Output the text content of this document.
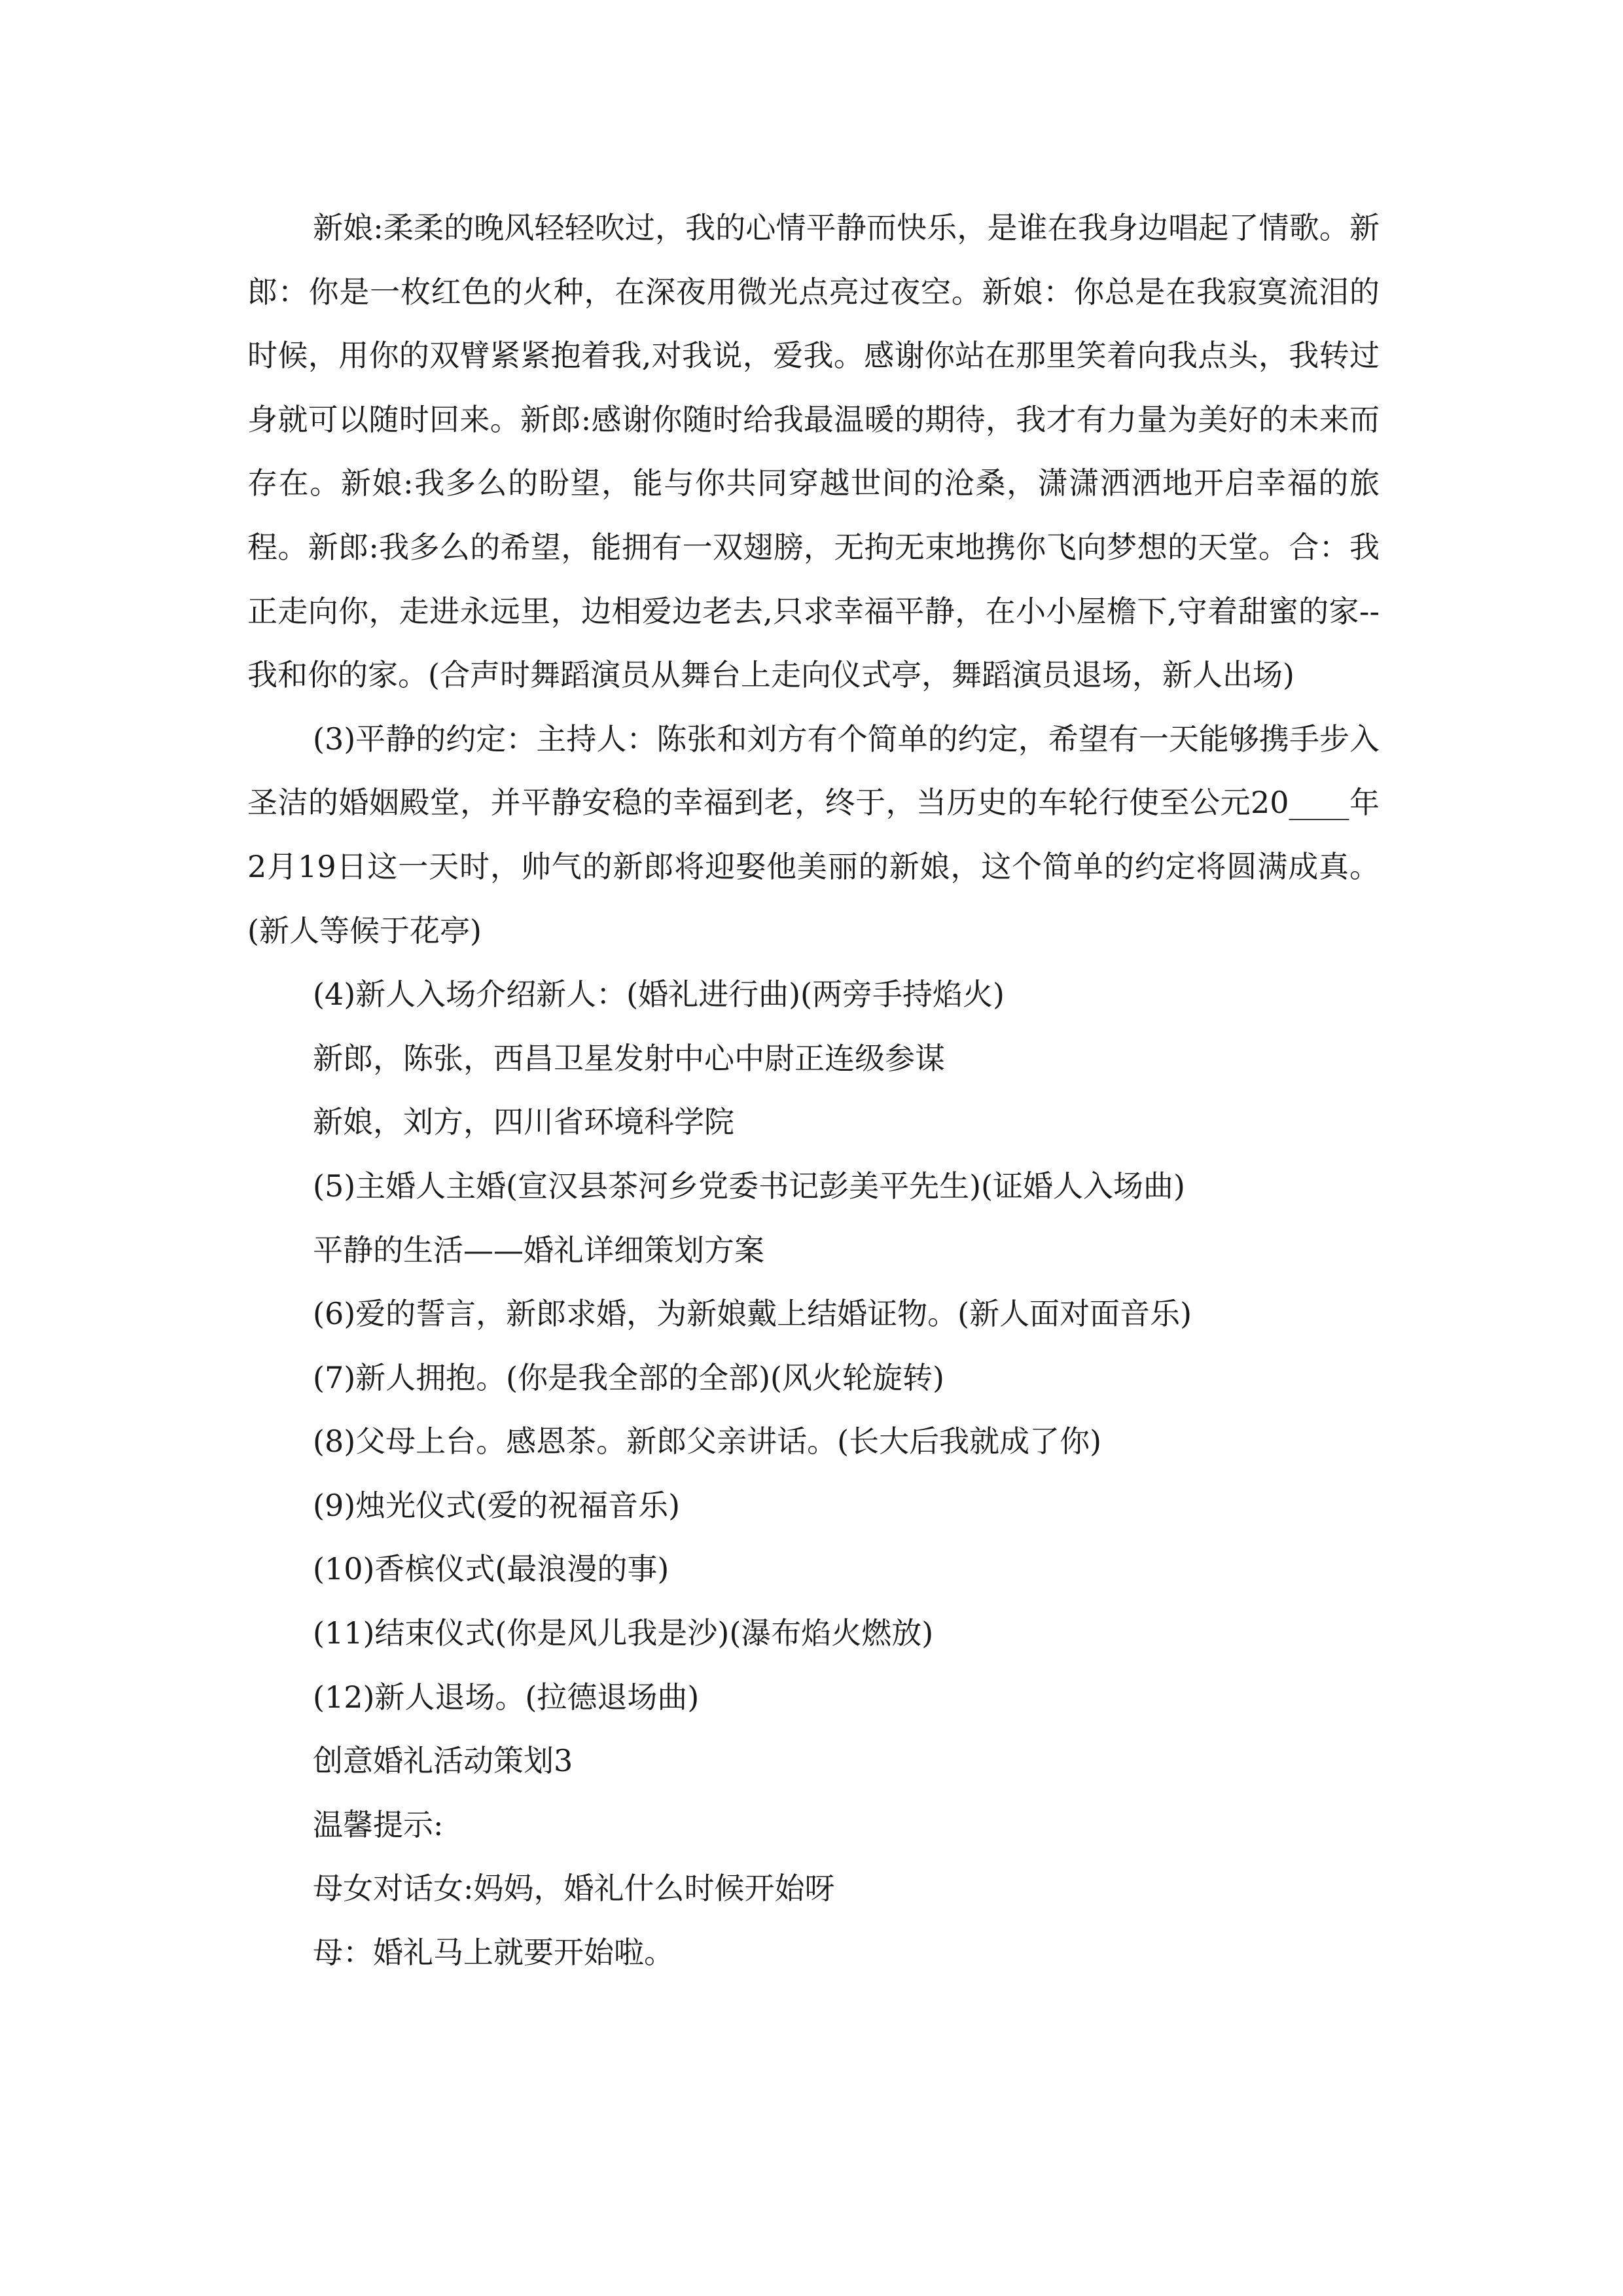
新娘:柔柔的晚风轻轻吹过，我的心情平静而快乐，是谁在我身边唱起了情歌。新郎：你是一枚红色的火种，在深夜用微光点亮过夜空。新娘：你总是在我寂寞流泪的时候，用你的双臂紧紧抱着我,对我说，爱我。感谢你站在那里笑着向我点头，我转过身就可以随时回来。新郎:感谢你随时给我最温暖的期待，我才有力量为美好的未来而存在。新娘:我多么的盼望，能与你共同穿越世间的沧桑，潇潇洒洒地开启幸福的旅程。新郎:我多么的希望，能拥有一双翅膀，无拘无束地携你飞向梦想的天堂。合：我正走向你，走进永远里，边相爱边老去,只求幸福平静，在小小屋檐下,守着甜蜜的家--我和你的家。(合声时舞蹈演员从舞台上走向仪式亭，舞蹈演员退场，新人出场)

(3)平静的约定：主持人：陈张和刘方有个简单的约定，希望有一天能够携手步入圣洁的婚姻殿堂，并平静安稳的幸福到老，终于，当历史的车轮行使至公元20____年2月19日这一天时，帅气的新郎将迎娶他美丽的新娘，这个简单的约定将圆满成真。(新人等候于花亭)

(4)新人入场介绍新人：(婚礼进行曲)(两旁手持焰火)

新郎，陈张，西昌卫星发射中心中尉正连级参谋

新娘，刘方，四川省环境科学院

(5)主婚人主婚(宣汉县茶河乡党委书记彭美平先生)(证婚人入场曲)

平静的生活——婚礼详细策划方案

(6)爱的誓言，新郎求婚，为新娘戴上结婚证物。(新人面对面音乐)

(7)新人拥抱。(你是我全部的全部)(风火轮旋转)

(8)父母上台。感恩茶。新郎父亲讲话。(长大后我就成了你)

(9)烛光仪式(爱的祝福音乐)

(10)香槟仪式(最浪漫的事)

(11)结束仪式(你是风儿我是沙)(瀑布焰火燃放)

(12)新人退场。(拉德退场曲)

创意婚礼活动策划3

温馨提示:

母女对话女:妈妈，婚礼什么时候开始呀

母：婚礼马上就要开始啦。
